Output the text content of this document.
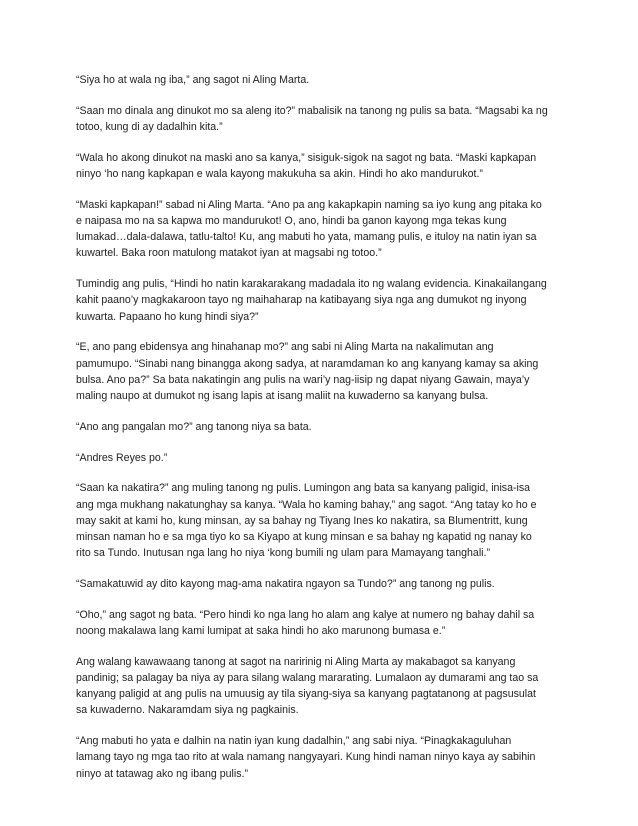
“Siya ho at wala ng iba,” ang sagot ni Aling Marta.

“Saan mo dinala ang dinukot mo sa aleng ito?” mabalisik na tanong ng pulis sa bata. “Magsabi ka ng
totoo, kung di ay dadalhin kita.”

“Wala ho akong dinukot na maski ano sa kanya,” sisiguk-sigok na sagot ng bata. “Maski kapkapan
ninyo ‘ho nang kapkapan e wala kayong makukuha sa akin. Hindi ho ako mandurukot.”

“Maski kapkapan!” sabad ni Aling Marta. “Ano pa ang kakapkapin naming sa iyo kung ang pitaka ko
e naipasa mo na sa kapwa mo mandurukot! O, ano, hindi ba ganon kayong mga tekas kung
lumakad…dala-dalawa, tatlu-talto! Ku, ang mabuti ho yata, mamang pulis, e ituloy na natin iyan sa
kuwartel. Baka roon matulong matakot iyan at magsabi ng totoo.”

Tumindig ang pulis, “Hindi ho natin karakarakang madadala ito ng walang evidencia. Kinakailangang
kahit paano’y magkakaroon tayo ng maihaharap na katibayang siya nga ang dumukot ng inyong
kuwarta. Papaano ho kung hindi siya?”

“E, ano pang ebidensya ang hinahanap mo?” ang sabi ni Aling Marta na nakalimutan ang
pamumupo. “Sinabi nang binangga akong sadya, at naramdaman ko ang kanyang kamay sa aking
bulsa. Ano pa?” Sa bata nakatingin ang pulis na wari’y nag-iisip ng dapat niyang Gawain, maya’y
maling naupo at dumukot ng isang lapis at isang maliit na kuwaderno sa kanyang bulsa.

“Ano ang pangalan mo?” ang tanong niya sa bata.

“Andres Reyes po.”

“Saan ka nakatira?” ang muling tanong ng pulis. Lumingon ang bata sa kanyang paligid, inisa-isa
ang mga mukhang nakatunghay sa kanya. “Wala ho kaming bahay,” ang sagot. “Ang tatay ko ho e
may sakit at kami ho, kung minsan, ay sa bahay ng Tiyang Ines ko nakatira, sa Blumentritt, kung
minsan naman ho e sa mga tiyo ko sa Kiyapo at kung minsan e sa bahay ng kapatid ng nanay ko
rito sa Tundo. Inutusan nga lang ho niya ‘kong bumili ng ulam para Mamayang tanghali.”

“Samakatuwid ay dito kayong mag-ama nakatira ngayon sa Tundo?” ang tanong ng pulis.

“Oho,” ang sagot ng bata. “Pero hindi ko nga lang ho alam ang kalye at numero ng bahay dahil sa
noong makalawa lang kami lumipat at saka hindi ho ako marunong bumasa e.”

Ang walang kawawaang tanong at sagot na naririnig ni Aling Marta ay makabagot sa kanyang
pandinig; sa palagay ba niya ay para silang walang mararating. Lumalaon ay dumarami ang tao sa
kanyang paligid at ang pulis na umuusig ay tila siyang-siya sa kanyang pagtatanong at pagsusulat
sa kuwaderno. Nakaramdam siya ng pagkainis.

“Ang mabuti ho yata e dalhin na natin iyan kung dadalhin,” ang sabi niya. “Pinagkakaguluhan
lamang tayo ng mga tao rito at wala namang nangyayari. Kung hindi naman ninyo kaya ay sabihin
ninyo at tatawag ako ng ibang pulis.”
